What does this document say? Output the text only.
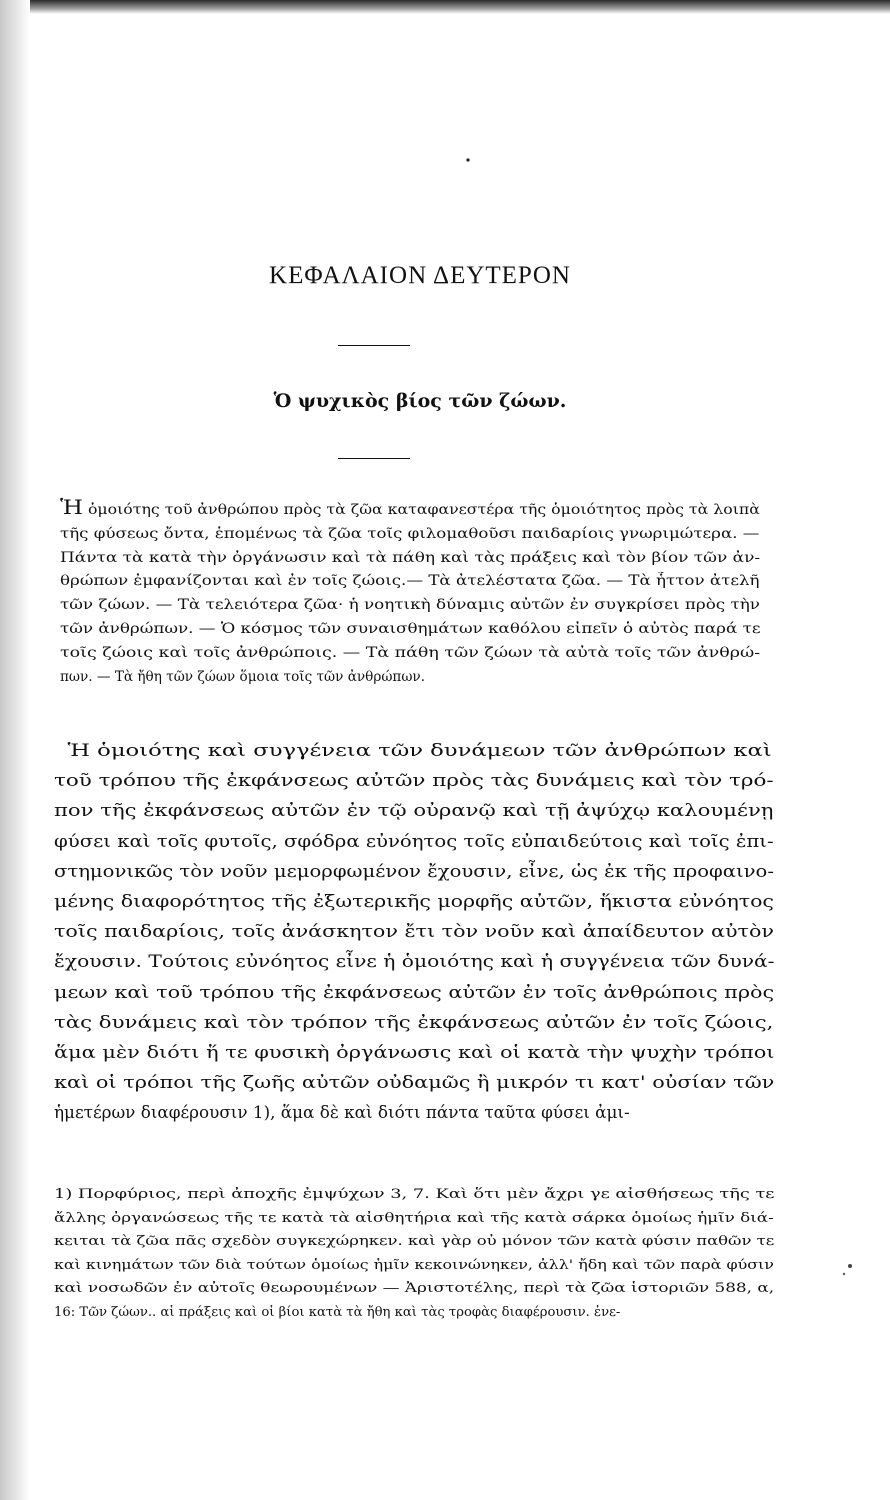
ΚΕΦΑΛΑΙΟΝ ΔΕΥΤΕΡΟΝ
Ὁ ψυχικὸς βίος τῶν ζώων.
Ἡ ὁμοιότης τοῦ ἀνθρώπου πρὸς τὰ ζῶα καταφανεστέρα τῆς ὁμοιότητος πρὸς τὰ λοιπὰ
τῆς φύσεως ὄντα, ἑπομένως τὰ ζῶα τοῖς φιλομαθοῦσι παιδαρίοις γνωριμώτερα. —
Πάντα τὰ κατὰ τὴν ὀργάνωσιν καὶ τὰ πάθη καὶ τὰς πράξεις καὶ τὸν βίον τῶν ἀν-
θρώπων ἐμφανίζονται καὶ ἐν τοῖς ζώοις.— Τὰ ἀτελέστατα ζῶα. — Τὰ ἧττον ἀτελῆ
τῶν ζώων. — Τὰ τελειότερα ζῶα· ἡ νοητικὴ δύναμις αὐτῶν ἐν συγκρίσει πρὸς τὴν
τῶν ἀνθρώπων. — Ὁ κόσμος τῶν συναισθημάτων καθόλου εἰπεῖν ὁ αὐτὸς παρά τε
τοῖς ζώοις καὶ τοῖς ἀνθρώποις. — Τὰ πάθη τῶν ζώων τὰ αὐτὰ τοῖς τῶν ἀνθρώ-
πων. — Τὰ ἤθη τῶν ζώων ὅμοια τοῖς τῶν ἀνθρώπων.
Ἡ ὁμοιότης καὶ συγγένεια τῶν δυνάμεων τῶν ἀνθρώπων καὶ
τοῦ τρόπου τῆς ἐκφάνσεως αὐτῶν πρὸς τὰς δυνάμεις καὶ τὸν τρό-
πον τῆς ἐκφάνσεως αὐτῶν ἐν τῷ οὐρανῷ καὶ τῇ ἀψύχῳ καλουμένῃ
φύσει καὶ τοῖς φυτοῖς, σφόδρα εὐνόητος τοῖς εὐπαιδεύτοις καὶ τοῖς ἐπι-
στημονικῶς τὸν νοῦν μεμορφωμένον ἔχουσιν, εἶνε, ὡς ἐκ τῆς προφαινο-
μένης διαφορότητος τῆς ἐξωτερικῆς μορφῆς αὐτῶν, ἥκιστα εὐνόητος
τοῖς παιδαρίοις, τοῖς ἀνάσκητον ἔτι τὸν νοῦν καὶ ἀπαίδευτον αὐτὸν
ἔχουσιν. Τούτοις εὐνόητος εἶνε ἡ ὁμοιότης καὶ ἡ συγγένεια τῶν δυνά-
μεων καὶ τοῦ τρόπου τῆς ἐκφάνσεως αὐτῶν ἐν τοῖς ἀνθρώποις πρὸς
τὰς δυνάμεις καὶ τὸν τρόπον τῆς ἐκφάνσεως αὐτῶν ἐν τοῖς ζώοις,
ἅμα μὲν διότι ἥ τε φυσικὴ ὀργάνωσις καὶ οἱ κατὰ τὴν ψυχὴν τρόποι
καὶ οἱ τρόποι τῆς ζωῆς αὐτῶν οὐδαμῶς ἢ μικρόν τι κατ' οὐσίαν τῶν
ἡμετέρων διαφέρουσιν 1), ἅμα δὲ καὶ διότι πάντα ταῦτα φύσει ἀμι-
1) Πορφύριος, περὶ ἀποχῆς ἐμψύχων 3, 7. Καὶ ὅτι μὲν ἄχρι γε αἰσθήσεως τῆς τε
ἄλλης ὀργανώσεως τῆς τε κατὰ τὰ αἰσθητήρια καὶ τῆς κατὰ σάρκα ὁμοίως ἡμῖν διά-
κειται τὰ ζῶα πᾶς σχεδὸν συγκεχώρηκεν. καὶ γὰρ οὐ μόνον τῶν κατὰ φύσιν παθῶν τε
καὶ κινημάτων τῶν διὰ τούτων ὁμοίως ἡμῖν κεκοινώνηκεν, ἀλλ' ἤδη καὶ τῶν παρὰ φύσιν
καὶ νοσωδῶν ἐν αὐτοῖς θεωρουμένων — Ἀριστοτέλης, περὶ τὰ ζῶα ἱστοριῶν 588, α,
16: Τῶν ζώων.. αἱ πράξεις καὶ οἱ βίοι κατὰ τὰ ἤθη καὶ τὰς τροφὰς διαφέρουσιν. ἐνε-
